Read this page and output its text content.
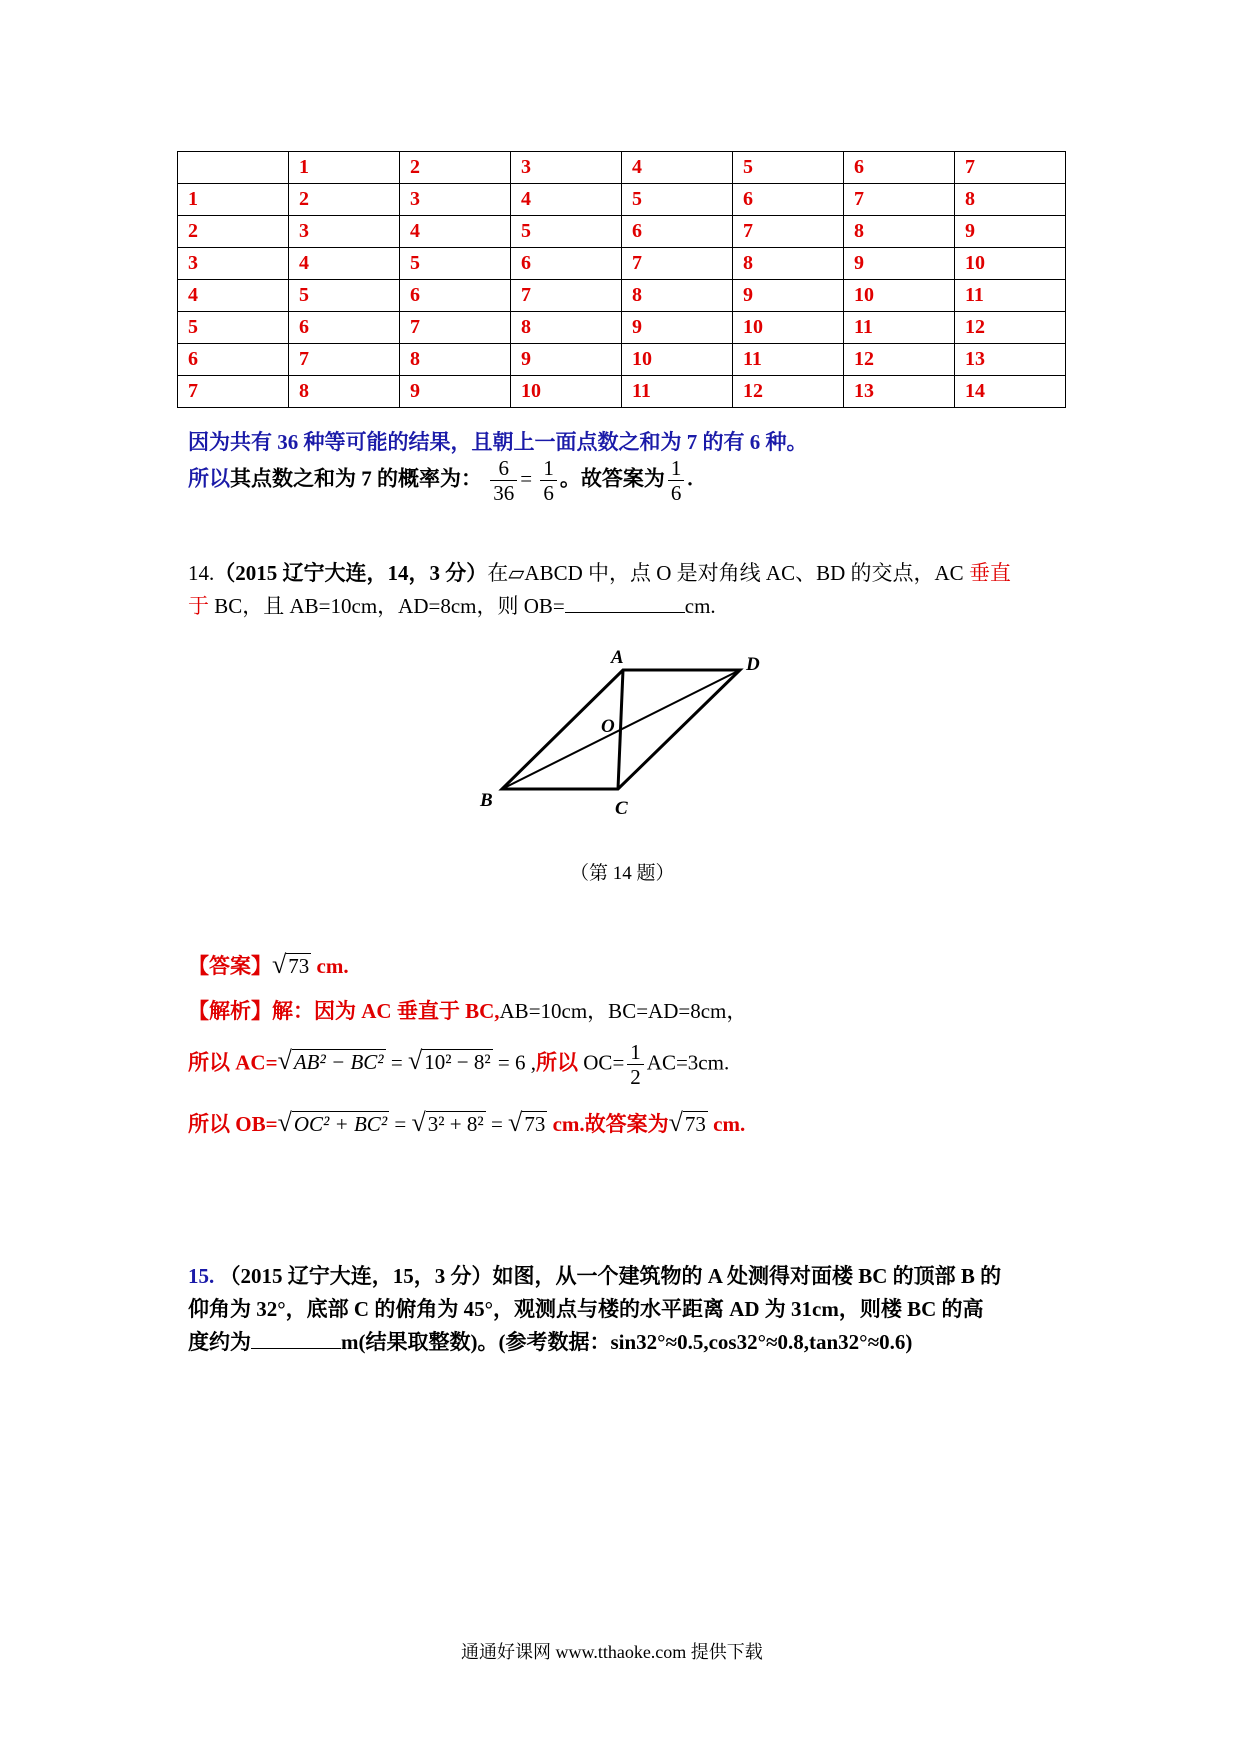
	1	2	3	4	5	6	7
1	2	3	4	5	6	7	8
2	3	4	5	6	7	8	9
3	4	5	6	7	8	9	10
4	5	6	7	8	9	10	11
5	6	7	8	9	10	11	12
6	7	8	9	10	11	12	13
7	8	9	10	11	12	13	14
因为共有 36 种等可能的结果，且朝上一面点数之和为 7 的有 6 种。
所以其点数之和为 7 的概率为： $\frac{6}{36} = \frac{1}{6}$ 。故答案为 $\frac{1}{6}$ .
14.（2015 辽宁大连，14，3 分）在▱ABCD 中，点 O 是对角线 AC、BD 的交点，AC 垂直
于 BC，且 AB=10cm，AD=8cm，则 OB=	cm.
A	D
O
B	C
（第 14 题）
【答案】√73 cm.
【解析】解：因为 AC 垂直于 BC,AB=10cm，BC=AD=8cm，
所以 AC=√AB² − BC² = √10² − 8² = 6 ,所以 $OC= \frac{1}{2} AC=3cm$.
所以 OB=√OC² + BC² = √3² + 8² = √73 cm.故答案为√73 cm.
15. （2015 辽宁大连，15，3 分）如图，从一个建筑物的 A 处测得对面楼 BC 的顶部 B 的
仰角为 32°，底部 C 的俯角为 45°，观测点与楼的水平距离 AD 为 31cm，则楼 BC 的高
度约为	m(结果取整数)。(参考数据：sin32°≈0.5,cos32°≈0.8,tan32°≈0.6)
通通好课网 www.tthaoke.com 提供下载
